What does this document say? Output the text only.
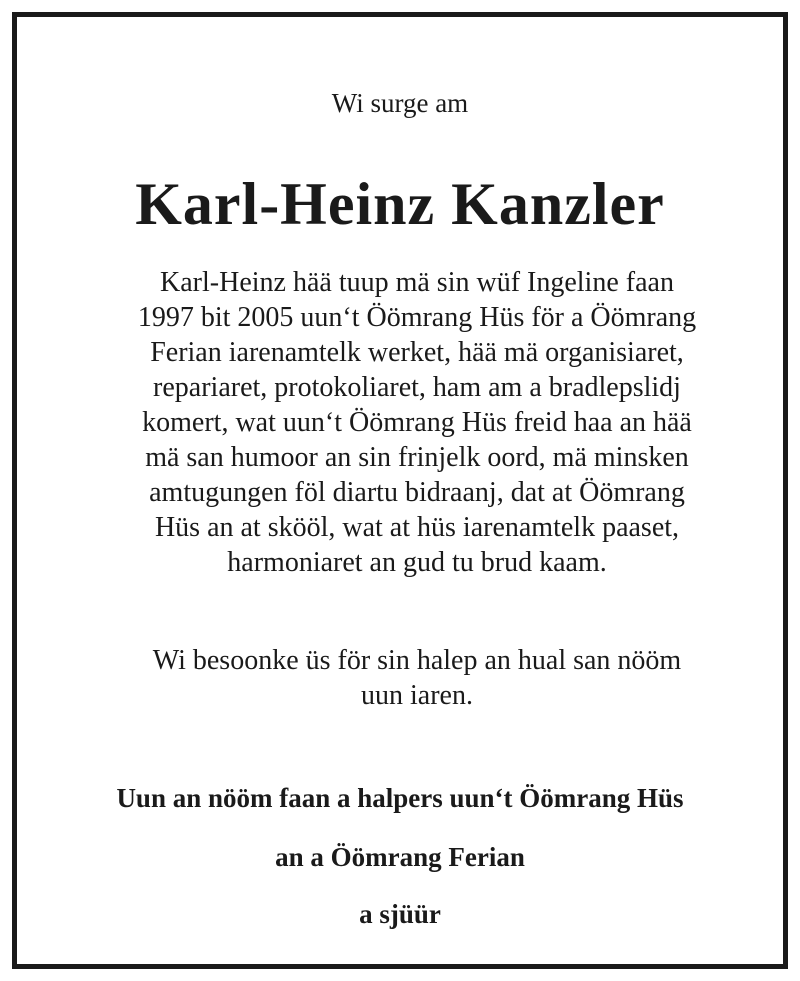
Wi surge am
Karl-Heinz Kanzler
Karl-Heinz hää tuup mä sin wüf Ingeline faan
1997 bit 2005 uun‘t Öömrang Hüs för a Öömrang
Ferian iarenamtelk werket, hää mä organisiaret,
repariaret, protokoliaret, ham am a bradlepslidj
komert, wat uun‘t Öömrang Hüs freid haa an hää
mä san humoor an sin frinjelk oord, mä minsken
amtugungen föl diartu bidraanj, dat at Öömrang
Hüs an at skööl, wat at hüs iarenamtelk paaset,
harmoniaret an gud tu brud kaam.
Wi besoonke üs för sin halep an hual san nööm
uun iaren.
Uun an nööm faan a halpers uun‘t Öömrang Hüs
an a Öömrang Ferian
a sjüür
